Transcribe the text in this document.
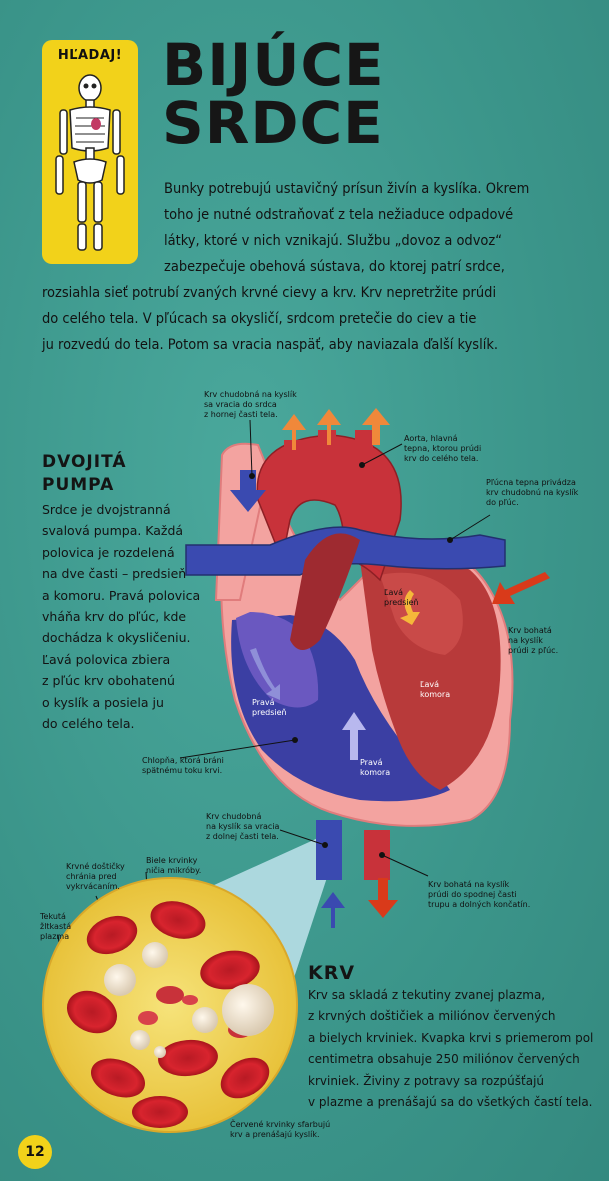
HĽADAJ! BIJÚCE
SRDCE
Bunky potrebujú ustavičný prísun živín a kyslíka. Okrem
toho je nutné odstraňovať z tela nežiaduce odpadové
látky, ktoré v nich vznikajú. Službu „dovoz a odvoz“
zabezpečuje obehová sústava, do ktorej patrí srdce,
rozsiahla sieť potrubí zvaných krvné cievy a krv. Krv nepretržite prúdi
do celého tela. V pľúcach sa okysličí, srdcom pretečie do ciev a tie
ju rozvedú do tela. Potom sa vracia naspäť, aby naviazala ďalší kyslík.
DVOJITÁ
PUMPA
Srdce je dvojstranná
svalová pumpa. Každá
polovica je rozdelená
na dve časti – predsieň
a komoru. Pravá polovica
vháňa krv do pľúc, kde
dochádza k okysličeniu.
Ľavá polovica zbiera
z pľúc krv obohatenú
o kyslík a posiela ju
do celého tela.
KRV
Krv sa skladá z tekutiny zvanej plazma,
z krvných doštičiek a miliónov červených
a bielych krviniek. Kvapka krvi s priemerom pol
centimetra obsahuje 250 miliónov červených
krviniek. Živiny z potravy sa rozpúšťajú
v plazme a prenášajú sa do všetkých častí tela.
Krv chudobná na kyslík
sa vracia do srdca
z hornej časti tela.
Aorta, hlavná
tepna, ktorou prúdi
krv do celého tela.
Pľúcna tepna privádza
krv chudobnú na kyslík
do pľúc.
Ľavá
predsieň
Krv bohatá
na kyslík
prúdi z pľúc.
Ľavá
komora
Pravá
predsieň
Chlopňa, ktorá bráni
spätnému toku krvi.
Pravá
komora
Krv chudobná
na kyslík sa vracia
z dolnej časti tela.
Krv bohatá na kyslík
prúdi do spodnej časti
trupu a dolných končatín.
Krvné doštičky
chránia pred
vykrvácaním.
Biele krvinky
ničia mikróby.
Tekutá
žltkastá
plazma
Červené krvinky sfarbujú
krv a prenášajú kyslík.
12
